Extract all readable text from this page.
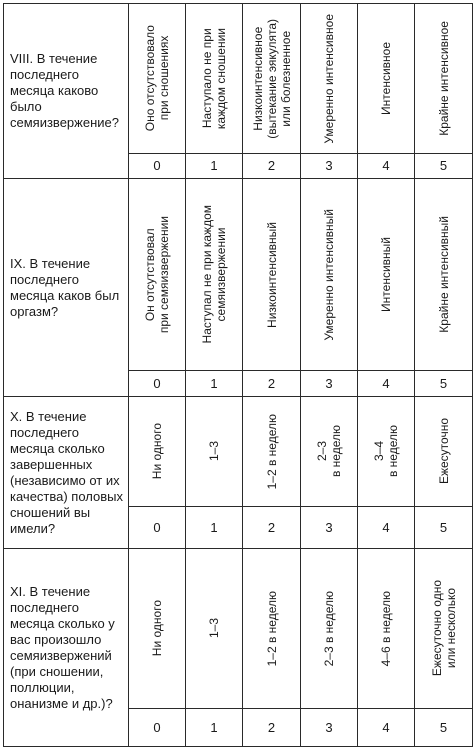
VIII. В течение последнего месяца каково было семяизвержение?	Оно отсутствовало
при сношениях	Наступало не при
каждом сношении	Низкоинтенсивное
(вытекание эякулята)
или болезненное	Умеренно интенсивное	Интенсивное	Крайне интенсивное

	0	1	2	3	4	5
IX. В течение последнего месяца каков был оргазм?	Он отсутствовал
при семяизвержении	Наступал не при каждом
семяизвержении	Низкоинтенсивный	Умеренно интенсивный	Интенсивный	Крайне интенсивный

	0	1	2	3	4	5
X. В течение последнего месяца сколько завершенных (независимо от их качества) половых сношений вы имели?	Ни одного	1–3	1–2 в неделю	2–3
в неделю	3–4
в неделю	Ежесуточно

	0	1	2	3	4	5
XI. В течение последнего месяца сколько у вас произошло семяизвержений (при сношении, поллюции, онанизме и др.)?	Ни одного	1–3	1–2 в неделю	2–3 в неделю	4–6 в неделю	Ежесуточно одно
или несколько

	0	1	2	3	4	5
